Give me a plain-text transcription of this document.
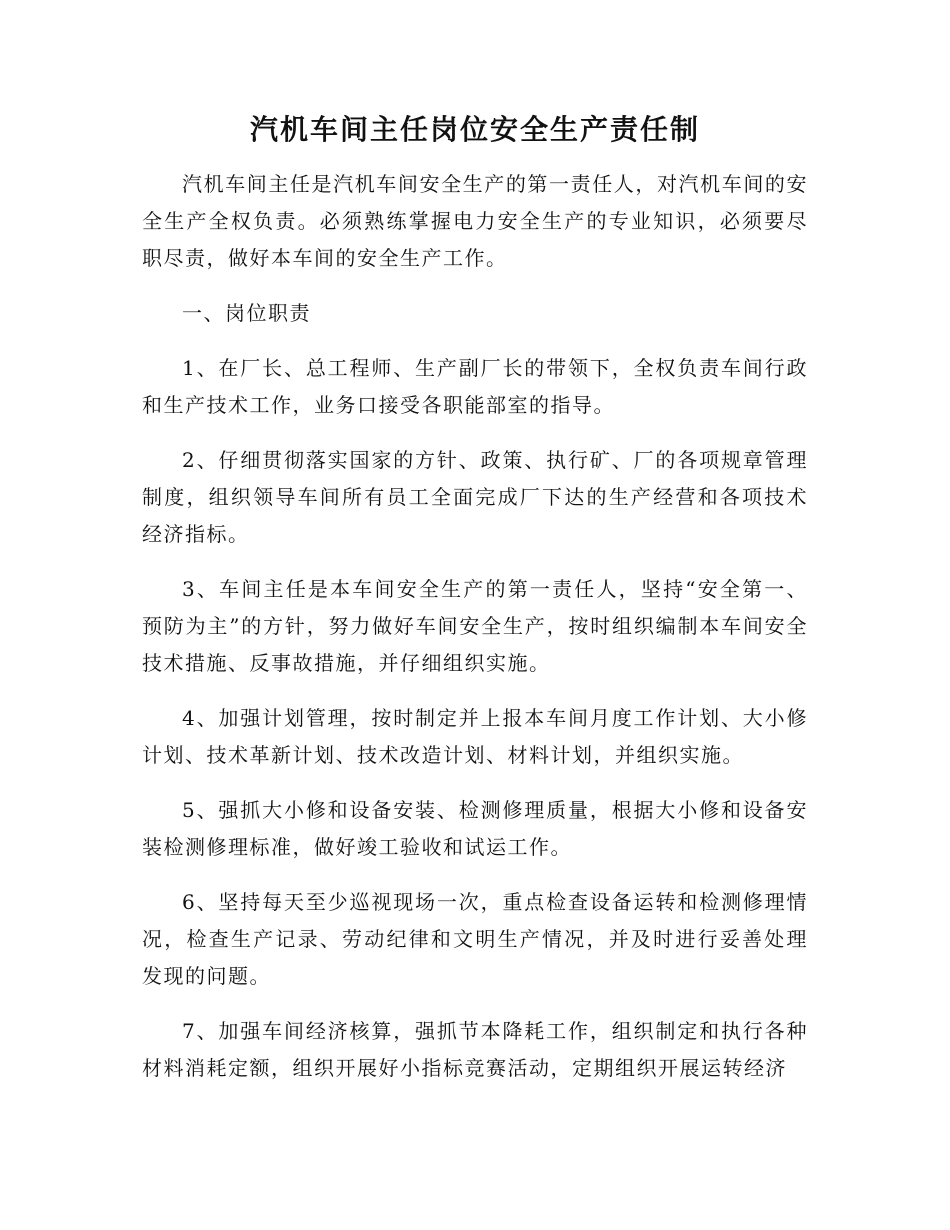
汽机车间主任岗位安全生产责任制

汽机车间主任是汽机车间安全生产的第一责任人，对汽机车间的安全生产全权负责。必须熟练掌握电力安全生产的专业知识，必须要尽职尽责，做好本车间的安全生产工作。

一、岗位职责

1、在厂长、总工程师、生产副厂长的带领下，全权负责车间行政和生产技术工作，业务口接受各职能部室的指导。

2、仔细贯彻落实国家的方针、政策、执行矿、厂的各项规章管理制度，组织领导车间所有员工全面完成厂下达的生产经营和各项技术经济指标。

3、车间主任是本车间安全生产的第一责任人，坚持“安全第一、预防为主”的方针，努力做好车间安全生产，按时组织编制本车间安全技术措施、反事故措施，并仔细组织实施。

4、加强计划管理，按时制定并上报本车间月度工作计划、大小修计划、技术革新计划、技术改造计划、材料计划，并组织实施。

5、强抓大小修和设备安装、检测修理质量，根据大小修和设备安装检测修理标准，做好竣工验收和试运工作。

6、坚持每天至少巡视现场一次，重点检查设备运转和检测修理情况，检查生产记录、劳动纪律和文明生产情况，并及时进行妥善处理发现的问题。

7、加强车间经济核算，强抓节本降耗工作，组织制定和执行各种材料消耗定额，组织开展好小指标竞赛活动，定期组织开展运转经济
